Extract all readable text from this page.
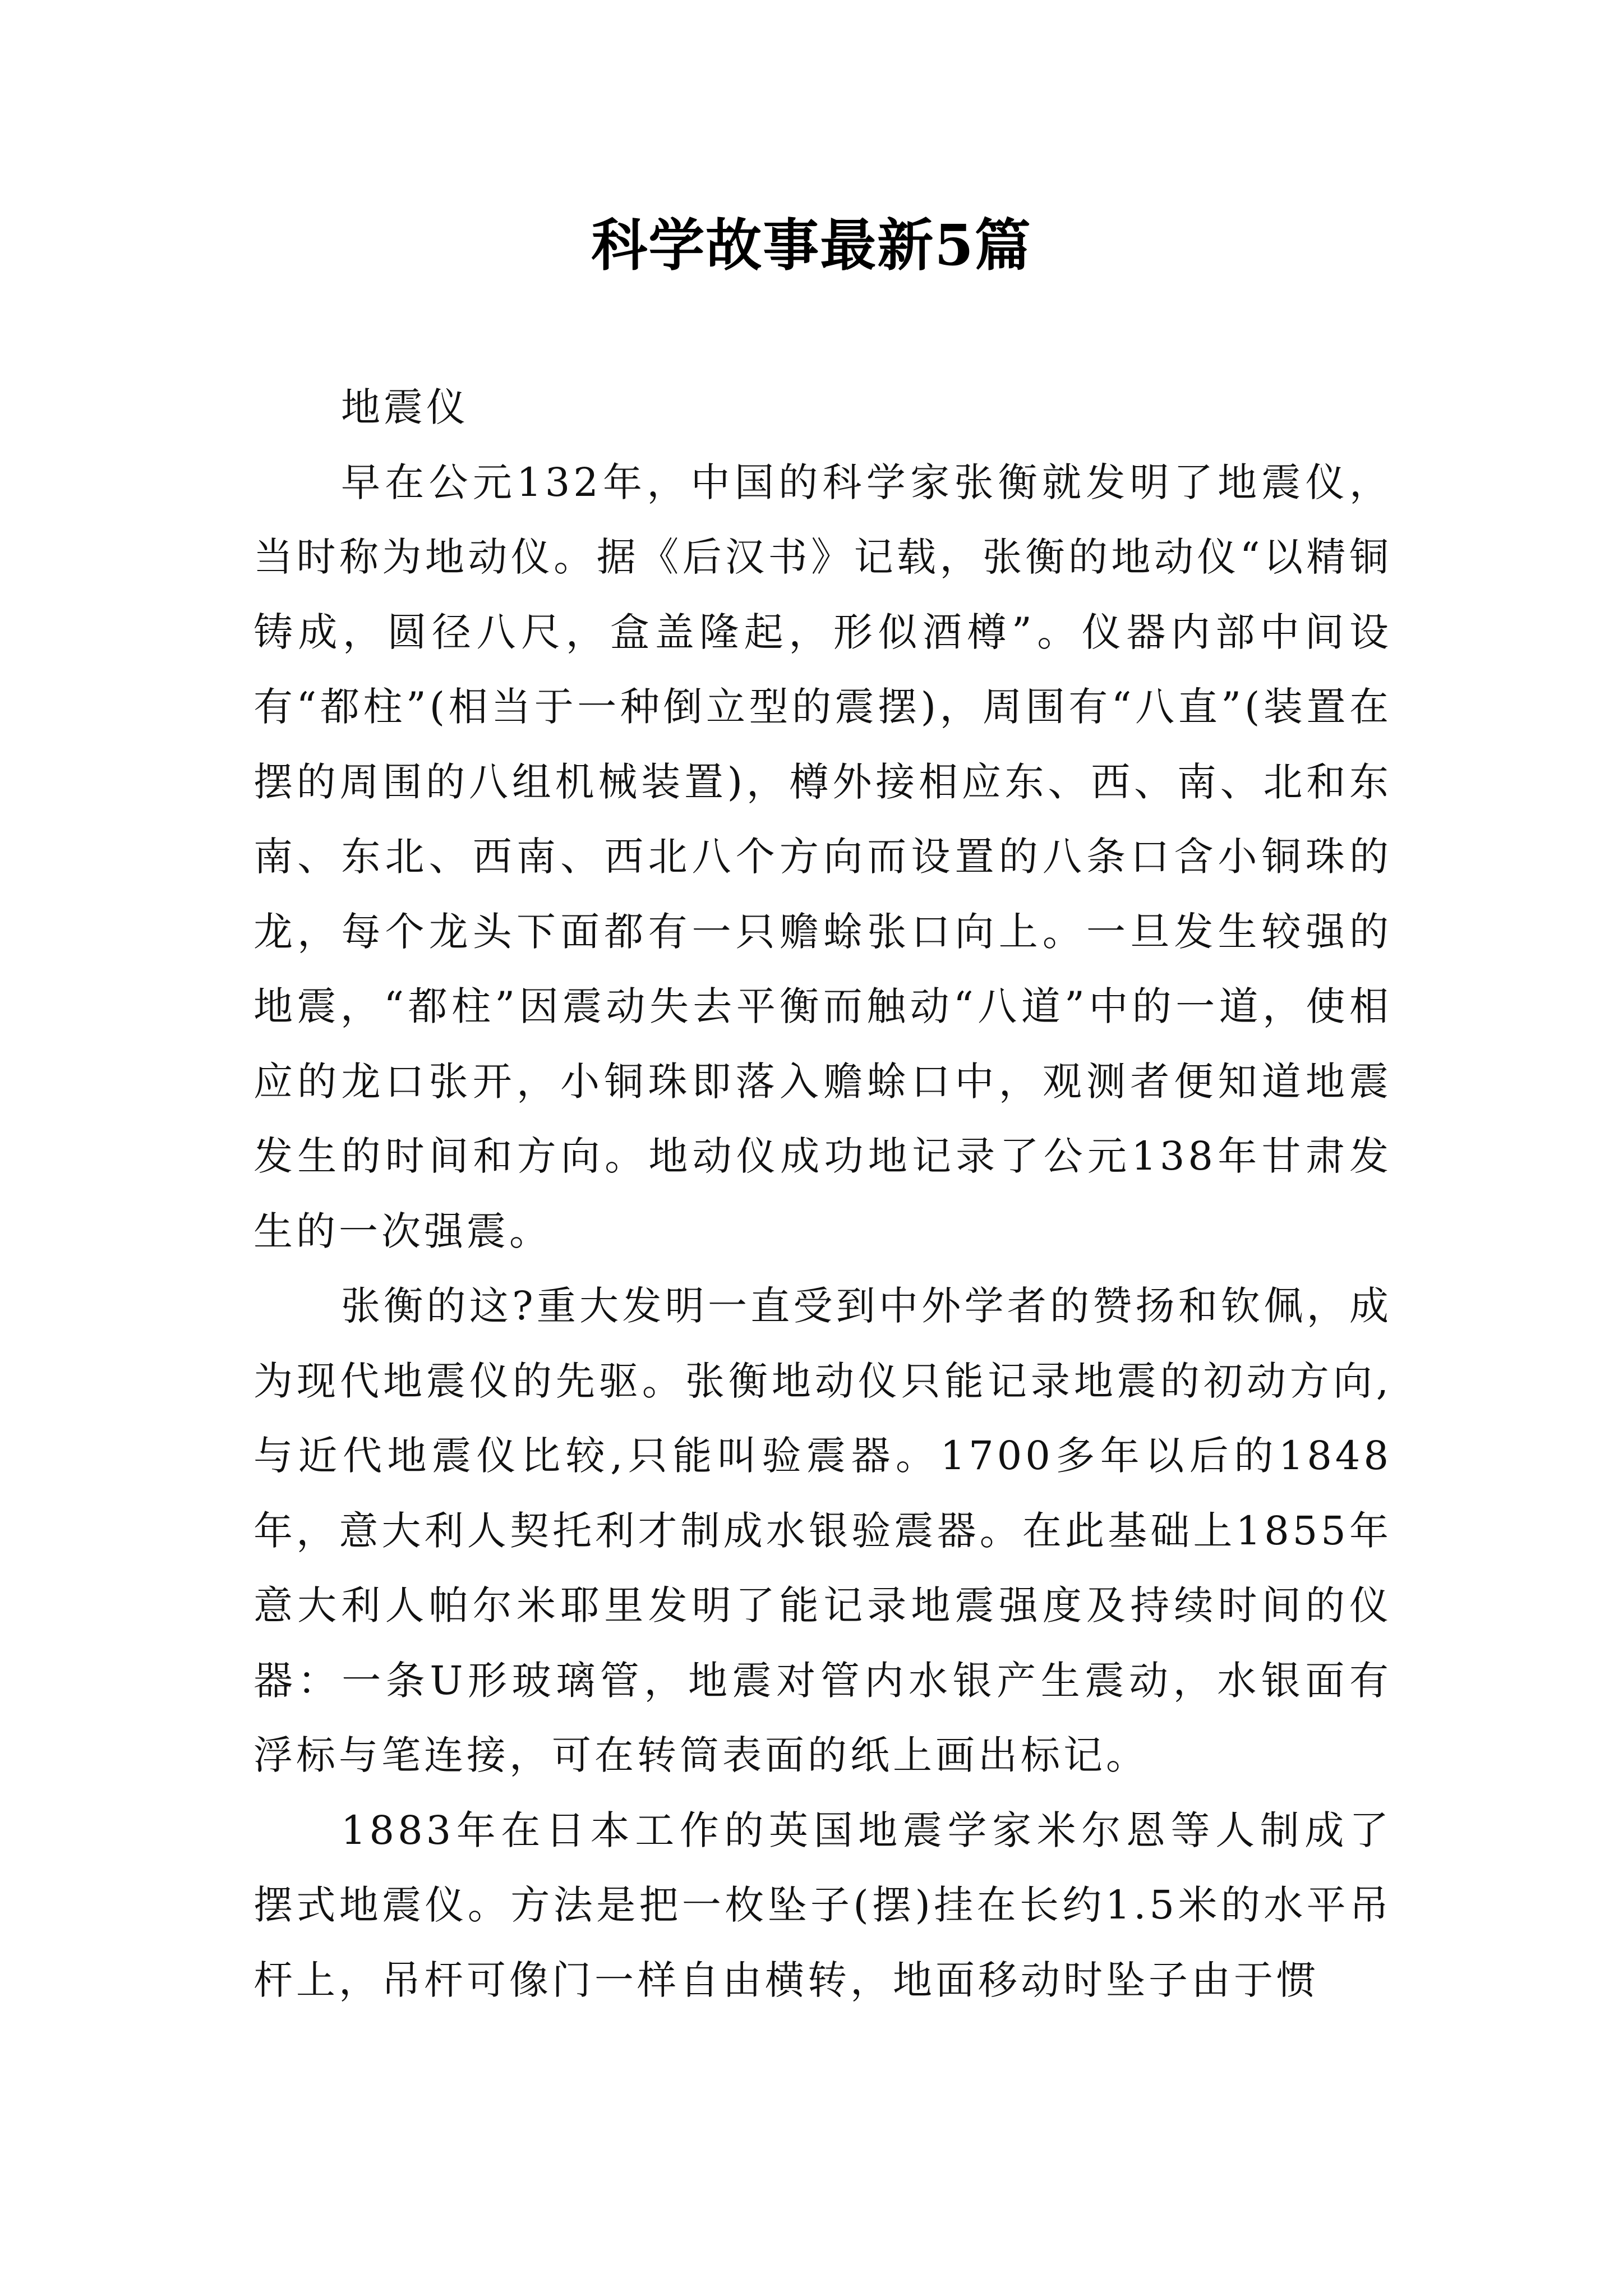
科学故事最新5篇

地震仪

早在公元132年，中国的科学家张衡就发明了地震仪，当时称为地动仪。据《后汉书》记载，张衡的地动仪“以精铜铸成，圆径八尺，盒盖隆起，形似酒樽”。仪器内部中间设有“都柱”(相当于一种倒立型的震摆)，周围有“八直”(装置在摆的周围的八组机械装置)，樽外接相应东、西、南、北和东南、东北、西南、西北八个方向而设置的八条口含小铜珠的龙，每个龙头下面都有一只赡蜍张口向上。一旦发生较强的地震，“都柱”因震动失去平衡而触动“八道”中的一道，使相应的龙口张开，小铜珠即落入赡蜍口中，观测者便知道地震发生的时间和方向。地动仪成功地记录了公元138年甘肃发生的一次强震。

张衡的这?重大发明一直受到中外学者的赞扬和钦佩，成为现代地震仪的先驱。张衡地动仪只能记录地震的初动方向,与近代地震仪比较,只能叫验震器。1700多年以后的1848年，意大利人契托利才制成水银验震器。在此基础上1855年意大利人帕尔米耶里发明了能记录地震强度及持续时间的仪器：一条U形玻璃管，地震对管内水银产生震动，水银面有浮标与笔连接，可在转筒表面的纸上画出标记。

1883年在日本工作的英国地震学家米尔恩等人制成了摆式地震仪。方法是把一枚坠子(摆)挂在长约1.5米的水平吊杆上，吊杆可像门一样自由横转，地面移动时坠子由于惯
